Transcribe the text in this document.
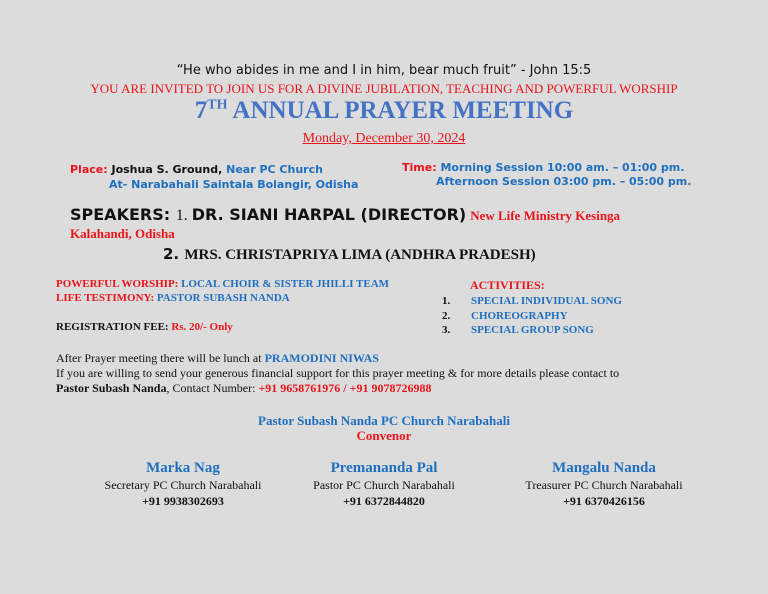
“He who abides in me and I in him, bear much fruit” - John 15:5
YOU ARE INVITED TO JOIN US FOR A DIVINE JUBILATION, TEACHING AND POWERFUL WORSHIP
7TH ANNUAL PRAYER MEETING
Monday, December 30, 2024
Place: Joshua S. Ground, Near PC Church
At- Narabahali Saintala Bolangir, Odisha
Time: Morning Session 10:00 am. – 01:00 pm.
Afternoon Session 03:00 pm. – 05:00 pm.
SPEAKERS: 1. DR. SIANI HARPAL (DIRECTOR) New Life Ministry Kesinga
Kalahandi, Odisha
2. MRS. CHRISTAPRIYA LIMA (ANDHRA PRADESH)
POWERFUL WORSHIP: LOCAL CHOIR & SISTER JHILLI TEAM
LIFE TESTIMONY: PASTOR SUBASH NANDA
REGISTRATION FEE: Rs. 20/- Only
ACTIVITIES:
1. SPECIAL INDIVIDUAL SONG
2. CHOREOGRAPHY
3. SPECIAL GROUP SONG
After Prayer meeting there will be lunch at PRAMODINI NIWAS
If you are willing to send your generous financial support for this prayer meeting & for more details please contact to
Pastor Subash Nanda, Contact Number: +91 9658761976 / +91 9078726988
Pastor Subash Nanda PC Church Narabahali
Convenor
Marka Nag
Secretary PC Church Narabahali
+91 9938302693
Premananda Pal
Pastor PC Church Narabahali
+91 6372844820
Mangalu Nanda
Treasurer PC Church Narabahali
+91 6370426156
